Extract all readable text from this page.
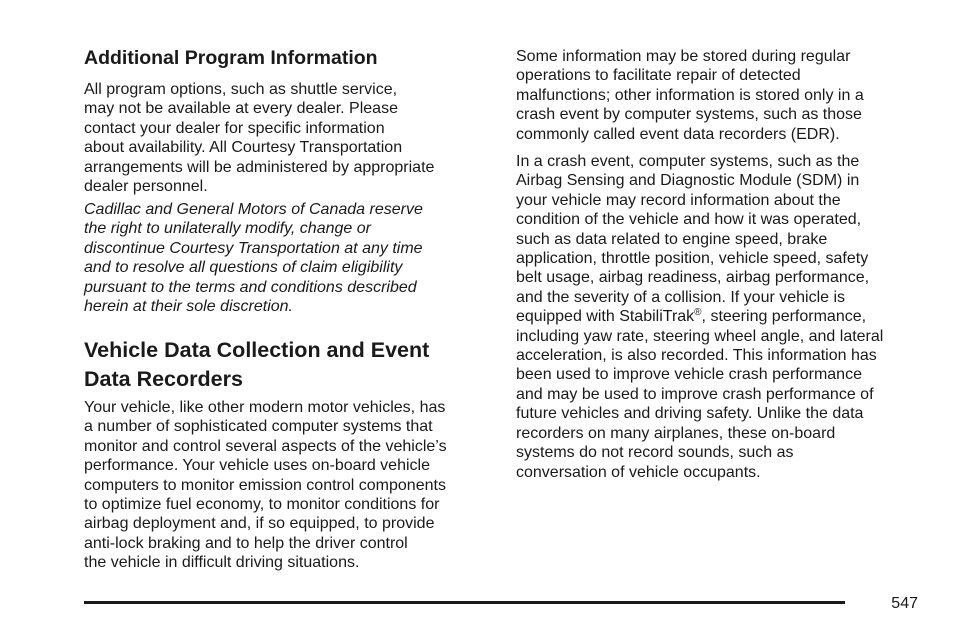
Additional Program Information

All program options, such as shuttle service,
may not be available at every dealer. Please
contact your dealer for specific information
about availability. All Courtesy Transportation
arrangements will be administered by appropriate
dealer personnel.

Cadillac and General Motors of Canada reserve
the right to unilaterally modify, change or
discontinue Courtesy Transportation at any time
and to resolve all questions of claim eligibility
pursuant to the terms and conditions described
herein at their sole discretion.

Vehicle Data Collection and Event
Data Recorders

Your vehicle, like other modern motor vehicles, has
a number of sophisticated computer systems that
monitor and control several aspects of the vehicle’s
performance. Your vehicle uses on-board vehicle
computers to monitor emission control components
to optimize fuel economy, to monitor conditions for
airbag deployment and, if so equipped, to provide
anti-lock braking and to help the driver control
the vehicle in difficult driving situations.

Some information may be stored during regular
operations to facilitate repair of detected
malfunctions; other information is stored only in a
crash event by computer systems, such as those
commonly called event data recorders (EDR).

In a crash event, computer systems, such as the
Airbag Sensing and Diagnostic Module (SDM) in
your vehicle may record information about the
condition of the vehicle and how it was operated,
such as data related to engine speed, brake
application, throttle position, vehicle speed, safety
belt usage, airbag readiness, airbag performance,
and the severity of a collision. If your vehicle is
equipped with StabiliTrak®, steering performance,
including yaw rate, steering wheel angle, and lateral
acceleration, is also recorded. This information has
been used to improve vehicle crash performance
and may be used to improve crash performance of
future vehicles and driving safety. Unlike the data
recorders on many airplanes, these on-board
systems do not record sounds, such as
conversation of vehicle occupants.

547
